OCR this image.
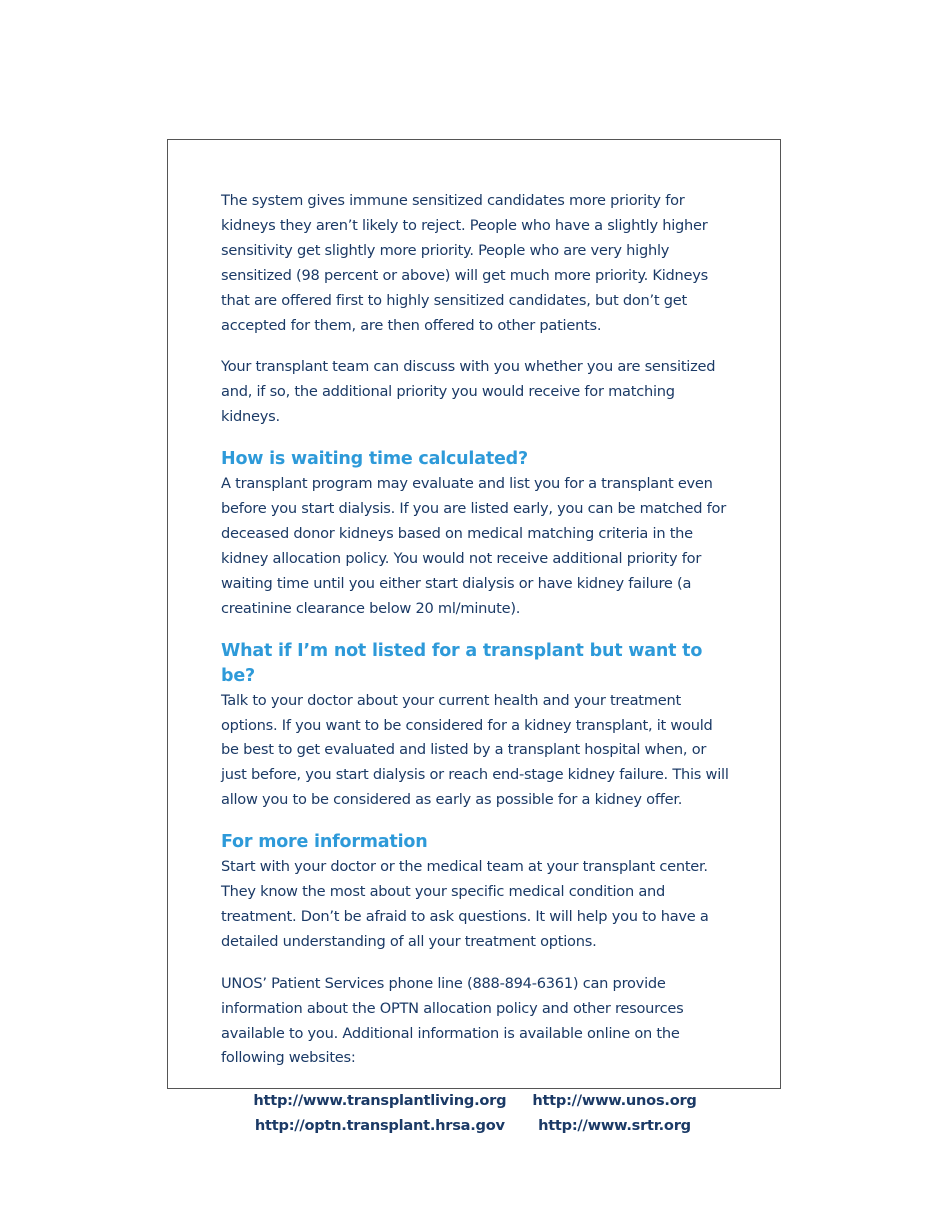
The system gives immune sensitized candidates more priority for kidneys they aren’t likely to reject. People who have a slightly higher sensitivity get slightly more priority. People who are very highly sensitized (98 percent or above) will get much more priority. Kidneys that are offered first to highly sensitized candidates, but don’t get accepted for them, are then offered to other patients.

Your transplant team can discuss with you whether you are sensitized and, if so, the additional priority you would receive for matching kidneys.

How is waiting time calculated?

A transplant program may evaluate and list you for a transplant even before you start dialysis. If you are listed early, you can be matched for deceased donor kidneys based on medical matching criteria in the kidney allocation policy. You would not receive additional priority for waiting time until you either start dialysis or have kidney failure (a creatinine clearance below 20 ml/minute).

What if I’m not listed for a transplant but want to be?

Talk to your doctor about your current health and your treatment options. If you want to be considered for a kidney transplant, it would be best to get evaluated and listed by a transplant hospital when, or just before, you start dialysis or reach end-stage kidney failure. This will allow you to be considered as early as possible for a kidney offer.

For more information

Start with your doctor or the medical team at your transplant center. They know the most about your specific medical condition and treatment. Don’t be afraid to ask questions. It will help you to have a detailed understanding of all your treatment options.

UNOS’ Patient Services phone line (888-894-6361) can provide information about the OPTN allocation policy and other resources available to you. Additional information is available online on the following websites:

http://www.transplantliving.org http://www.unos.org
http://optn.transplant.hrsa.gov	http://www.srtr.org
